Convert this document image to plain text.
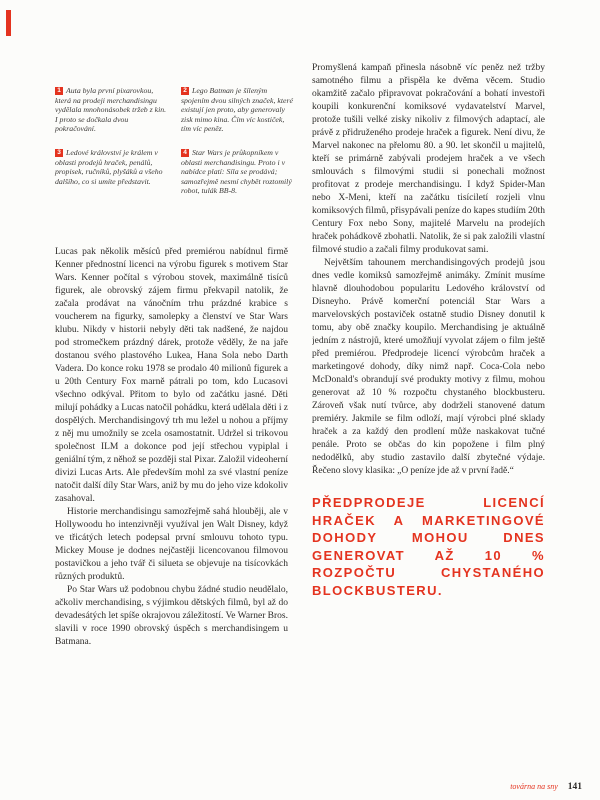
1 Auta byla první pixarovkou, která na prodeji merchandisingu vydělala mnohonásobek tržeb z kin. I proto se dočkala dvou pokračování.
2 Lego Batman je šíleným spojením dvou silných značek, které existují jen proto, aby generovaly zisk mimo kina. Čím víc kostiček, tím víc peněz.
3 Ledové království je králem v oblasti prodejů hraček, penálů, propisek, ručníků, plyšáků a všeho dalšího, co si umíte představit.
4 Star Wars je průkopníkem v oblasti merchandisingu. Proto i v nabídce platí: Síla se prodává; samozřejmě nesmí chybět roztomilý robot, tulák BB-8.

Lucas pak několik měsíců před premiérou nabídnul firmě Kenner přednostní licenci na výrobu figurek s motivem Star Wars. Kenner počítal s výrobou stovek, maximálně tisíců figurek, ale obrovský zájem firmu překvapil natolik, že začala prodávat na vánočním trhu prázdné krabice s voucherem na figurky, samolepky a členství ve Star Wars klubu. Nikdy v historii nebyly děti tak nadšené, že najdou pod stromečkem prázdný dárek, protože věděly, že na jaře dostanou svého plastového Lukea, Hana Sola nebo Darth Vadera. Do konce roku 1978 se prodalo 40 milionů figurek a u 20th Century Fox marně pátrali po tom, kdo Lucasovi všechno odkýval. Přitom to bylo od začátku jasné. Děti milují pohádky a Lucas natočil pohádku, která udělala děti i z dospělých. Merchandisingový trh mu ležel u nohou a příjmy z něj mu umožnily se zcela osamostatnit. Udržel si trikovou společnost ILM a dokonce pod její střechou vypiplal i geniální tým, z něhož se později stal Pixar. Založil videoherní divizi Lucas Arts. Ale především mohl za své vlastní peníze natočit další díly Star Wars, aniž by mu do jeho vize kdokoliv zasahoval.

Historie merchandisingu samozřejmě sahá hlouběji, ale v Hollywoodu ho intenzivněji využíval jen Walt Disney, když ve třicátých letech podepsal první smlouvu tohoto typu. Mickey Mouse je dodnes nejčastěji licencovanou filmovou postavičkou a jeho tvář či silueta se objevuje na tisícovkách různých produktů.

Po Star Wars už podobnou chybu žádné studio neudělalo, ačkoliv merchandising, s výjimkou dětských filmů, byl až do devadesátých let spíše okrajovou záležitostí. Ve Warner Bros. slavili v roce 1990 obrovský úspěch s merchandisingem u Batmana.

Promyšlená kampaň přinesla násobně víc peněz než tržby samotného filmu a přispěla ke dvěma věcem. Studio okamžitě začalo připravovat pokračování a bohatí investoři koupili konkurenční komiksové vydavatelství Marvel, protože tušili velké zisky nikoliv z filmových adaptací, ale právě z přidruženého prodeje hraček a figurek. Není divu, že Marvel nakonec na přelomu 80. a 90. let skončil u majitelů, kteří se primárně zabývali prodejem hraček a ve všech smlouvách s filmovými studii si ponechali možnost profitovat z prodeje merchandisingu. I když Spider-Man nebo X-Meni, kteří na začátku tisíciletí rozjeli vlnu komiksových filmů, přisypávali peníze do kapes studiím 20th Century Fox nebo Sony, majitelé Marvelu na prodejích hraček pohádkově zbohatli. Natolik, že si pak založili vlastní filmové studio a začali filmy produkovat sami.

Největším tahounem merchandisingových prodejů jsou dnes vedle komiksů samozřejmě animáky. Zmínit musíme hlavně dlouhodobou popularitu Ledového království od Disneyho. Právě komerční potenciál Star Wars a marvelovských postaviček ostatně studio Disney donutil k tomu, aby obě značky koupilo. Merchandising je aktuálně jedním z nástrojů, které umožňují vyvolat zájem o film ještě před premiérou. Předprodeje licencí výrobcům hraček a marketingové dohody, díky nimž např. Coca-Cola nebo McDonald's obrandují své produkty motivy z filmu, mohou generovat až 10 % rozpočtu chystaného blockbusteru. Zároveň však nutí tvůrce, aby dodrželi stanovené datum premiéry. Jakmile se film odloží, mají výrobci plné sklady hraček a za každý den prodlení může naskakovat tučné penále. Proto se občas do kin popožene i film plný nedodělků, aby studio zastavilo další zbytečné výdaje. Řečeno slovy klasika: „O peníze jde až v první řadě.“

PŘEDPRODEJE LICENCÍ HRAČEK A MARKETINGOVÉ DOHODY MOHOU DNES GENEROVAT AŽ 10 % ROZPOČTU CHYSTANÉHO BLOCKBUSTERU.
továrna na sny 141
